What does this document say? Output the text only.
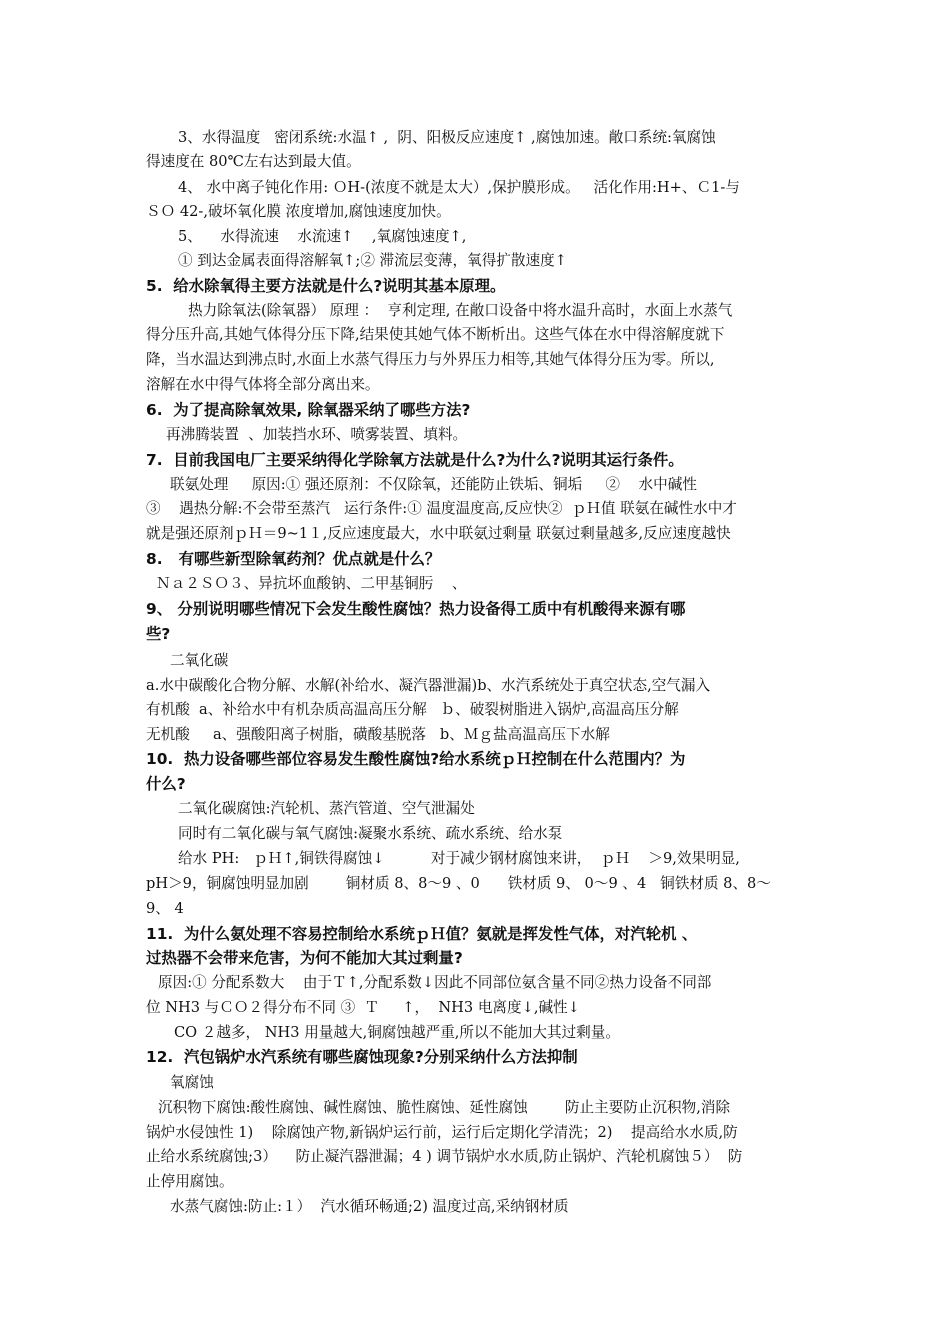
3、水得温度   密闭系统:水温↑ ,  阴、阳极反应速度↑ ,腐蚀加速。敞口系统:氧腐蚀
得速度在 80℃左右达到最大值。
4、 水中离子钝化作用: ＯH-(浓度不就是太大）,保护膜形成。   活化作用:H+、Ｃ1-与
ＳＯ 42-,破坏氧化膜 浓度增加,腐蚀速度加快。
5、    水得流速    水流速↑    ,氧腐蚀速度↑,
① 到达金属表面得溶解氧↑;② 滞流层变薄，氧得扩散速度↑
5.  给水除氧得主要方法就是什么?说明其基本原理。
热力除氧法(除氧器） 原理 ：  亨利定理, 在敞口设备中将水温升高时，水面上水蒸气
得分压升高,其她气体得分压下降,结果使其她气体不断析出。这些气体在水中得溶解度就下
降，当水温达到沸点时,水面上水蒸气得压力与外界压力相等,其她气体得分压为零。所以,
溶解在水中得气体将全部分离出来。
6.  为了提高除氧效果, 除氧器采纳了哪些方法?
再沸腾装置  、加装挡水环、喷雾装置、填料。
7.  目前我国电厂主要采纳得化学除氧方法就是什么?为什么?说明其运行条件。
联氨处理     原因:① 强还原剂：不仅除氧，还能防止铁垢、铜垢     ②    水中碱性
③    遇热分解:不会带至蒸汽   运行条件:① 温度温度高,反应快②  ｐＨ值 联氨在碱性水中才
就是强还原剂ｐＨ＝9~1１,反应速度最大，水中联氨过剩量 联氨过剩量越多,反应速度越快
8.   有哪些新型除氧药剂？优点就是什么？
Ｎａ２ＳＯ３、异抗坏血酸钠、二甲基铜肟    、
9、 分别说明哪些情况下会发生酸性腐蚀？热力设备得工质中有机酸得来源有哪
些?
二氧化碳
a.水中碳酸化合物分解、水解(补给水、凝汽器泄漏)b、水汽系统处于真空状态,空气漏入
有机酸  a、补给水中有机杂质高温高压分解   ｂ、破裂树脂进入锅炉,高温高压分解
无机酸     a、强酸阳离子树脂，磺酸基脱落   b、Ｍｇ盐高温高压下水解
10.  热力设备哪些部位容易发生酸性腐蚀?给水系统ｐＨ控制在什么范围内？为
什么?
二氧化碳腐蚀:汽轮机、蒸汽管道、空气泄漏处
同时有二氧化碳与氧气腐蚀:凝聚水系统、疏水系统、给水泵
给水 PH:   ｐＨ↑,铜铁得腐蚀↓          对于减少钢材腐蚀来讲，  ｐＨ    ＞9,效果明显,
pH＞9，铜腐蚀明显加剧        铜材质 8、8～9 、0      铁材质 9、 0～9 、4   铜铁材质 8、8～
9、 4
11.  为什么氨处理不容易控制给水系统ｐＨ值？氨就是挥发性气体，对汽轮机 、
过热器不会带来危害，为何不能加大其过剩量?
原因:① 分配系数大    由于Ｔ↑,分配系数↓因此不同部位氨含量不同②热力设备不同部
位 NH3 与ＣＯ２得分布不同 ③  Ｔ     ↑，  NH3 电离度↓,碱性↓
CO ２越多， NH3 用量越大,铜腐蚀越严重,所以不能加大其过剩量。
12.  汽包锅炉水汽系统有哪些腐蚀现象?分别采纳什么方法抑制
氧腐蚀
沉积物下腐蚀:酸性腐蚀、碱性腐蚀、脆性腐蚀、延性腐蚀        防止主要防止沉积物,消除
锅炉水侵蚀性 1)    除腐蚀产物,新锅炉运行前，运行后定期化学清洗；2)    提高给水水质,防
止给水系统腐蚀;3）    防止凝汽器泄漏；4 ) 调节锅炉水水质,防止锅炉、汽轮机腐蚀５）  防
止停用腐蚀。
水蒸气腐蚀:防止:１）  汽水循环畅通;2) 温度过高,采纳钢材质
